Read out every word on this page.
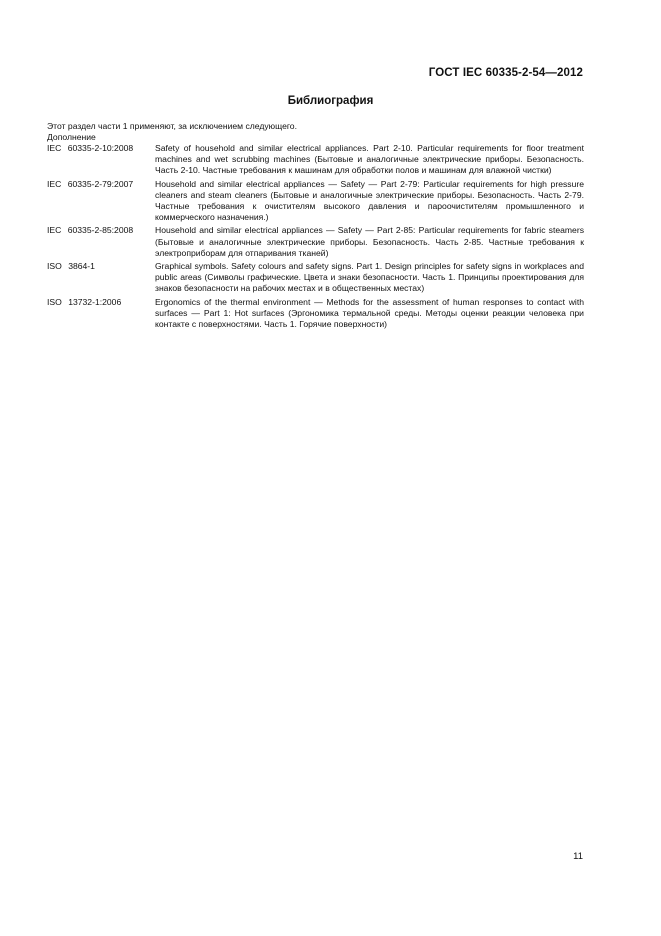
ГОСТ IEC 60335-2-54—2012
Библиография
Этот раздел части 1 применяют, за исключением следующего.
Дополнение
IEC 60335-2-10:2008	Safety of household and similar electrical appliances. Part 2-10. Particular requirements for floor treatment machines and wet scrubbing machines (Бытовые и аналогичные электрические приборы. Безопасность. Часть 2-10. Частные требования к машинам для обработки полов и машинам для влажной чистки)
IEC 60335-2-79:2007	Household and similar electrical appliances — Safety — Part 2-79: Particular requirements for high pressure cleaners and steam cleaners (Бытовые и аналогичные электрические приборы. Безопасность. Часть 2-79. Частные требования к очистителям высокого давления и пароочистителям промышленного и коммерческого назначения.)
IEC 60335-2-85:2008	Household and similar electrical appliances — Safety — Part 2-85: Particular requirements for fabric steamers (Бытовые и аналогичные электрические приборы. Безопасность. Часть 2-85. Частные требования к электроприборам для отпаривания тканей)
ISO 3864-1	Graphical symbols. Safety colours and safety signs. Part 1. Design principles for safety signs in workplaces and public areas (Символы графические. Цвета и знаки безопасности. Часть 1. Принципы проектирования для знаков безопасности на рабочих местах и в общественных местах)
ISO 13732-1:2006	Ergonomics of the thermal environment — Methods for the assessment of human responses to contact with surfaces — Part 1: Hot surfaces (Эргономика термальной среды. Методы оценки реакции человека при контакте с поверхностями. Часть 1. Горячие поверхности)
11
